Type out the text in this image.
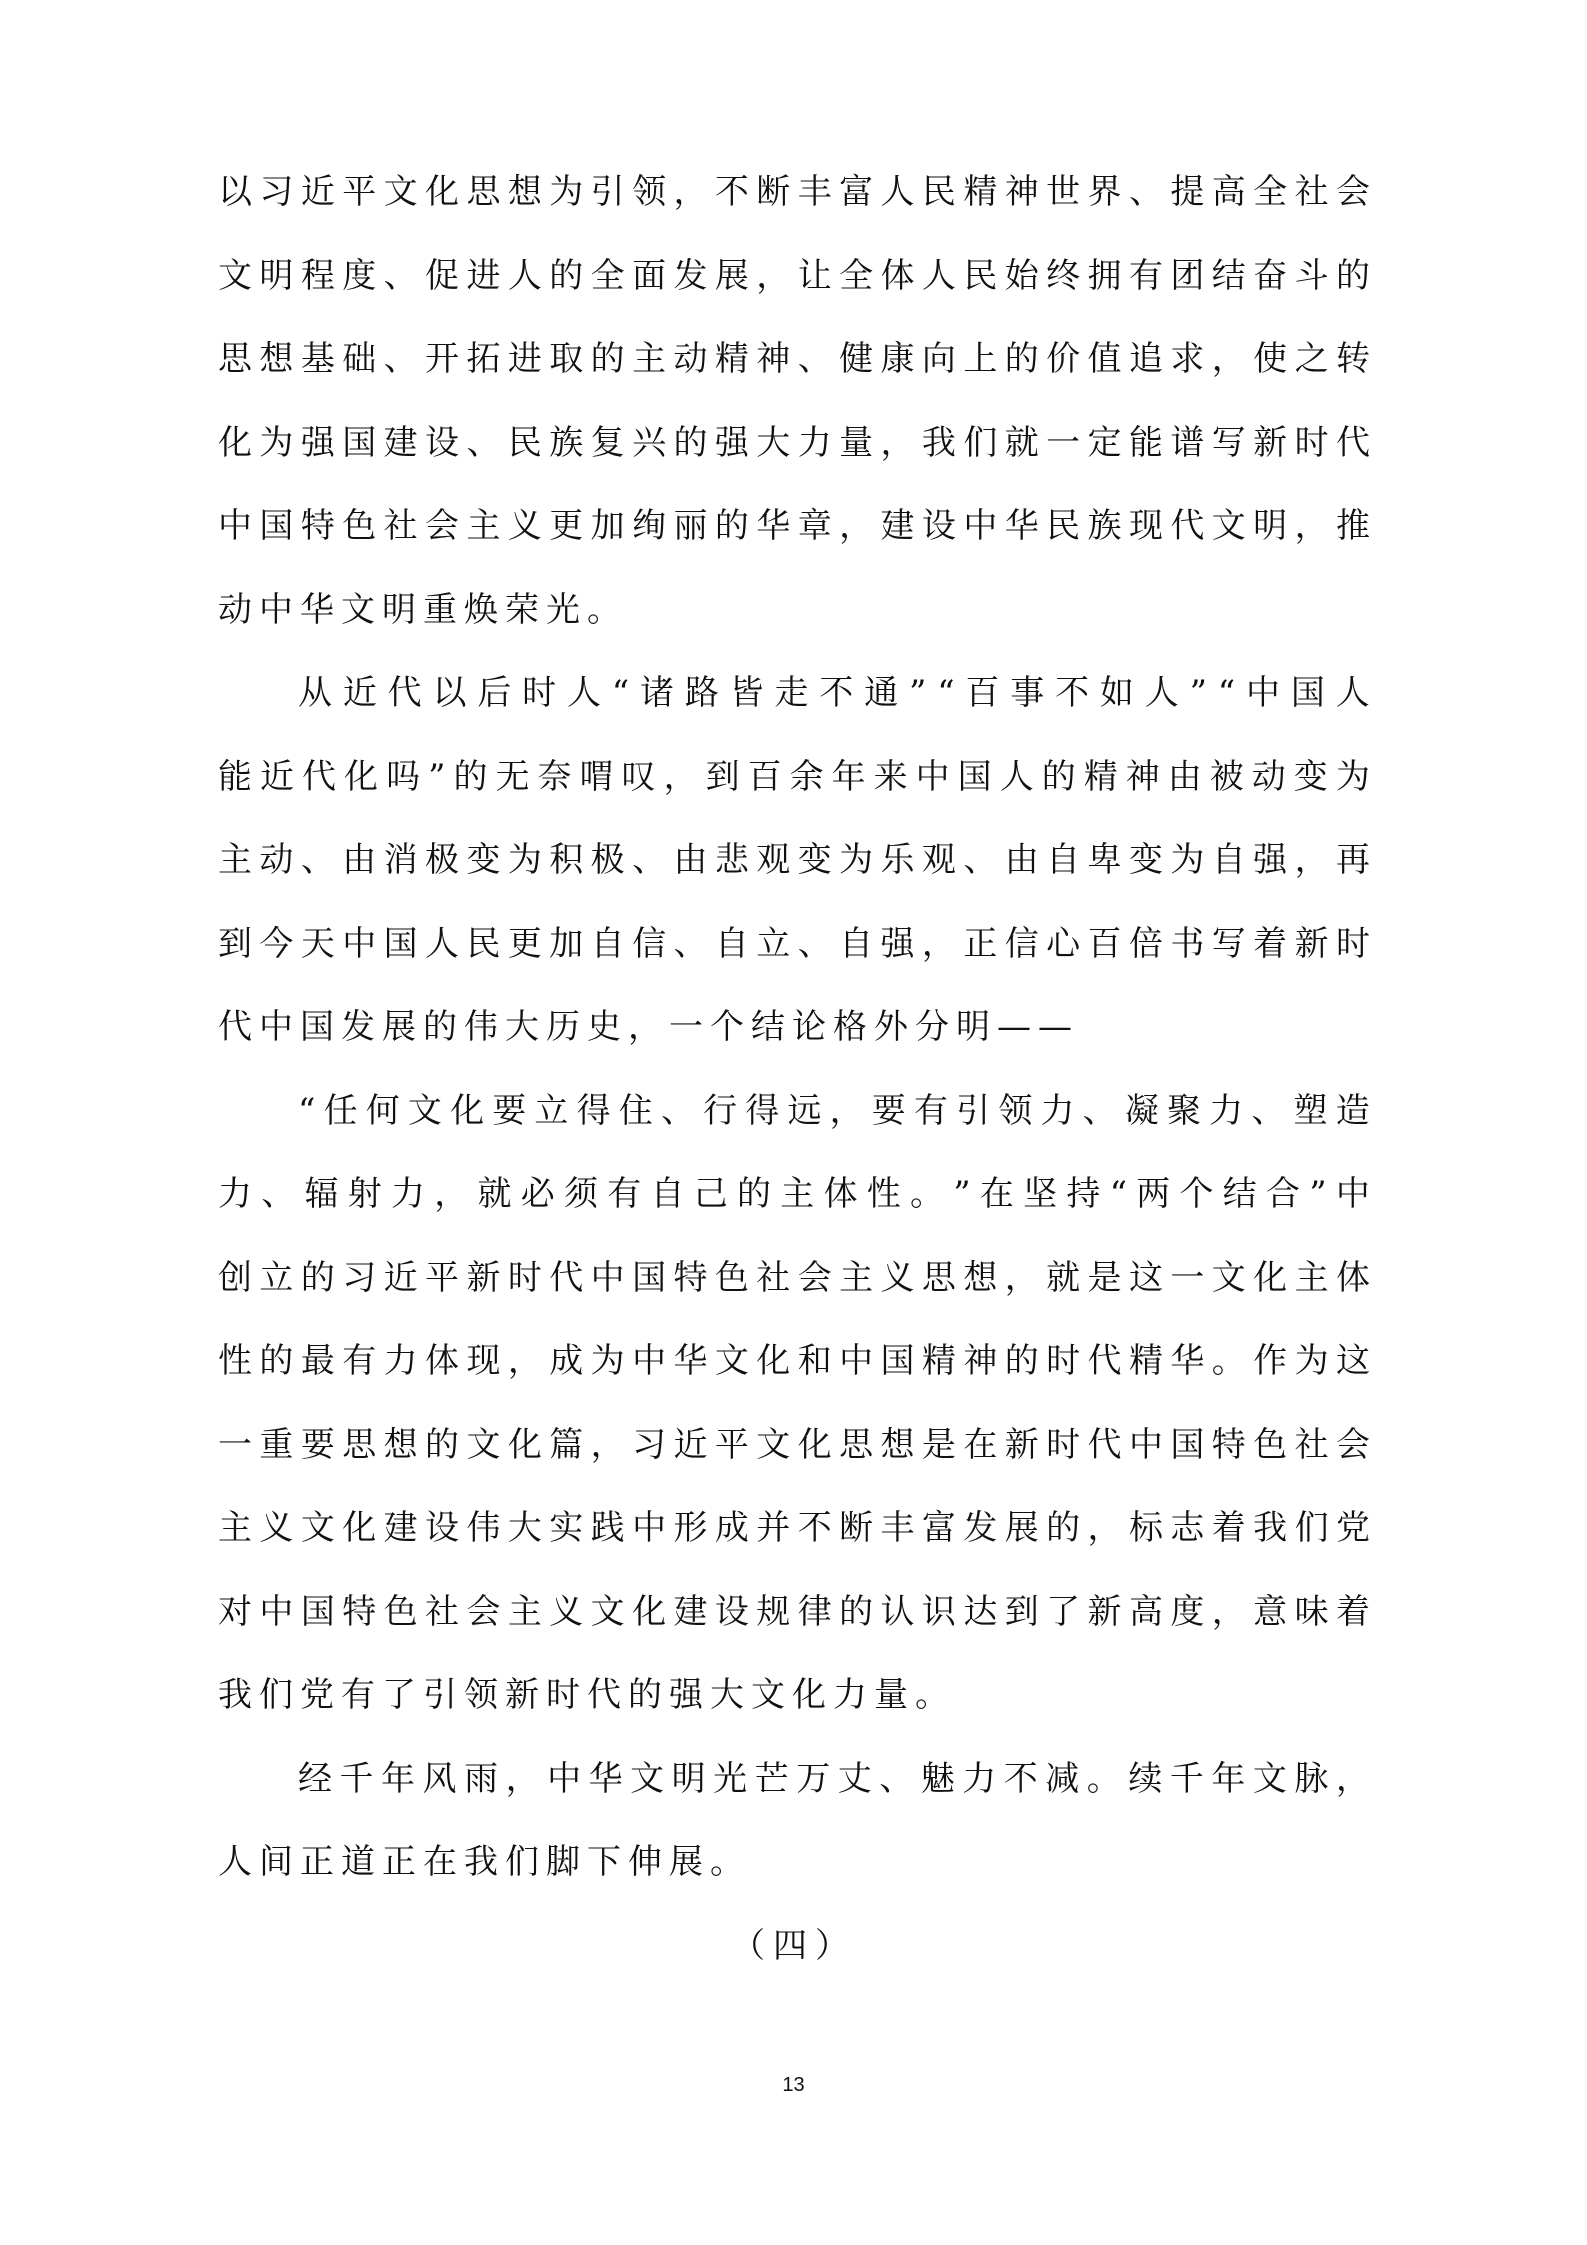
以 习 近 平 文 化 思 想 为 引 领 ， 不 断 丰 富 人 民 精 神 世 界 、 提 高 全 社 会
文 明 程 度 、 促 进 人 的 全 面 发 展 ， 让 全 体 人 民 始 终 拥 有 团 结 奋 斗 的
思 想 基 础 、 开 拓 进 取 的 主 动 精 神 、 健 康 向 上 的 价 值 追 求 ， 使 之 转
化 为 强 国 建 设 、 民 族 复 兴 的 强 大 力 量 ， 我 们 就 一 定 能 谱 写 新 时 代
中 国 特 色 社 会 主 义 更 加 绚 丽 的 华 章 ， 建 设 中 华 民 族 现 代 文 明 ， 推
动中华文明重焕荣光。
从 近 代 以 后 时 人 “ 诸 路 皆 走 不 通 ” “ 百 事 不 如 人 ” “ 中 国 人
能 近 代 化 吗 ” 的 无 奈 喟 叹 ， 到 百 余 年 来 中 国 人 的 精 神 由 被 动 变 为
主 动 、 由 消 极 变 为 积 极 、 由 悲 观 变 为 乐 观 、 由 自 卑 变 为 自 强 ， 再
到 今 天 中 国 人 民 更 加 自 信 、 自 立 、 自 强 ， 正 信 心 百 倍 书 写 着 新 时
代中国发展的伟大历史，一个结论格外分明——
“ 任 何 文 化 要 立 得 住 、 行 得 远 ， 要 有 引 领 力 、 凝 聚 力 、 塑 造
力 、 辐 射 力 ， 就 必 须 有 自 己 的 主 体 性 。 ” 在 坚 持 “ 两 个 结 合 ” 中
创 立 的 习 近 平 新 时 代 中 国 特 色 社 会 主 义 思 想 ， 就 是 这 一 文 化 主 体
性 的 最 有 力 体 现 ， 成 为 中 华 文 化 和 中 国 精 神 的 时 代 精 华 。 作 为 这
一 重 要 思 想 的 文 化 篇 ， 习 近 平 文 化 思 想 是 在 新 时 代 中 国 特 色 社 会
主 义 文 化 建 设 伟 大 实 践 中 形 成 并 不 断 丰 富 发 展 的 ， 标 志 着 我 们 党
对 中 国 特 色 社 会 主 义 文 化 建 设 规 律 的 认 识 达 到 了 新 高 度 ， 意 味 着
我们党有了引领新时代的强大文化力量。
经 千 年 风 雨 ， 中 华 文 明 光 芒 万 丈 、 魅 力 不 减 。 续 千 年 文 脉 ，
人间正道正在我们脚下伸展。
（四）
13
